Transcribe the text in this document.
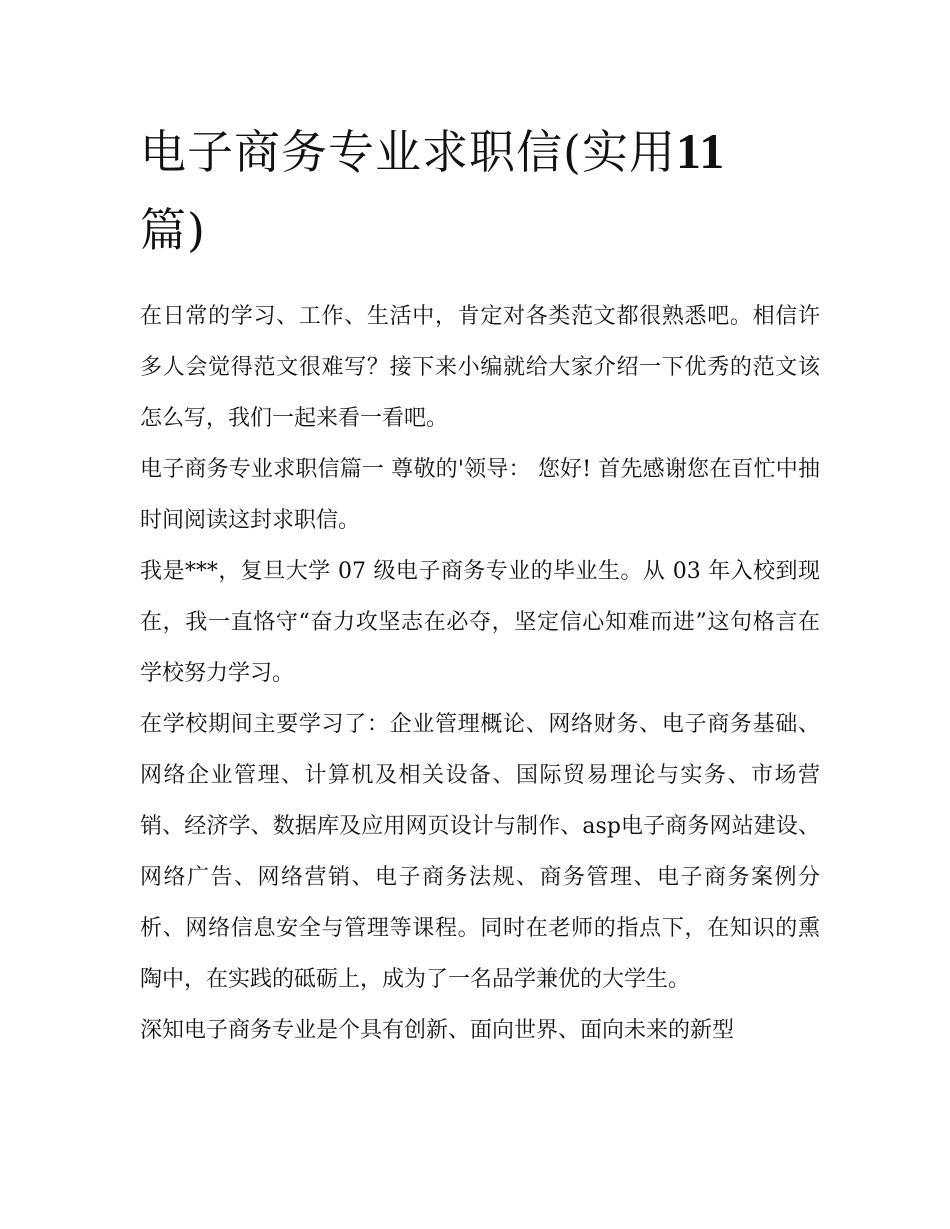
电子商务专业求职信(实用11
篇)

在日常的学习、工作、生活中，肯定对各类范文都很熟悉吧。相信许多人会觉得范文很难写？接下来小编就给大家介绍一下优秀的范文该怎么写，我们一起来看一看吧。

电子商务专业求职信篇一 尊敬的'领导： 您好! 首先感谢您在百忙中抽时间阅读这封求职信。

我是***，复旦大学 07 级电子商务专业的毕业生。从 03 年入校到现在，我一直恪守“奋力攻坚志在必夺，坚定信心知难而进”这句格言在学校努力学习。

在学校期间主要学习了：企业管理概论、网络财务、电子商务基础、网络企业管理、计算机及相关设备、国际贸易理论与实务、市场营销、经济学、数据库及应用网页设计与制作、asp电子商务网站建设、网络广告、网络营销、电子商务法规、商务管理、电子商务案例分析、网络信息安全与管理等课程。同时在老师的指点下，在知识的熏陶中，在实践的砥砺上，成为了一名品学兼优的大学生。

深知电子商务专业是个具有创新、面向世界、面向未来的新型
